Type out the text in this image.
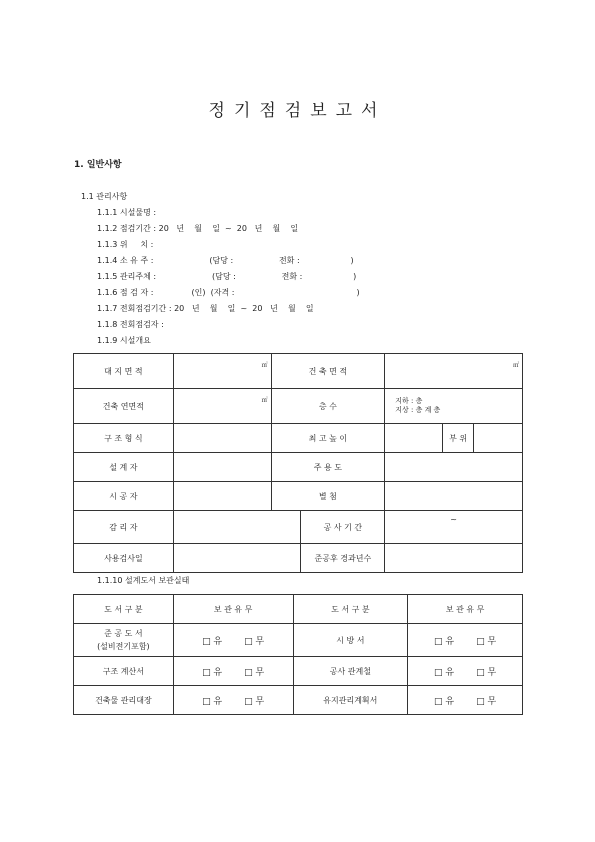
정기점검보고서
1. 일반사항
1.1 관리사항
1.1.1 시설물명 :
1.1.2 점검기간 : 20   년    월    일  ~  20   년    월    일
1.1.3 위     치 :
1.1.4 소 유 주 :                      (담당 :                  전화 :                    )
1.1.5 관리주체 :                      (담당 :                  전화 :                    )
1.1.6 점 검 자 :               (인)  (자격 :                                                )
1.1.7 전회점검기간 : 20   년    월    일  ~  20   년    월    일
1.1.8 전회점검자 :
1.1.9 시설개요
대 지 면 적	㎡	건 축 면 적		㎡	
건축 연면적	㎡	층 수		지하 : 층
지상 : 층 계 층	

구 조 형 식		최 고 높 이			부 위

설 계 자		주 용 도			
시 공 자		별 첨			
감 리 자			공 사 기 간	~	
사용검사일			준공후 경과년수		
1.1.10 설계도서 보관실태
도 서 구 분	보 관 유 무	도 서 구 분	보 관 유 무

준 공 도 서
(설비전기포함)	□ 유 □ 무	시 방 서	□ 유 □ 무
구조 계산서	□ 유 □ 무	공사 관계철	□ 유 □ 무
건축물 관리대장	□ 유 □ 무	유지관리계획서	□ 유 □ 무
